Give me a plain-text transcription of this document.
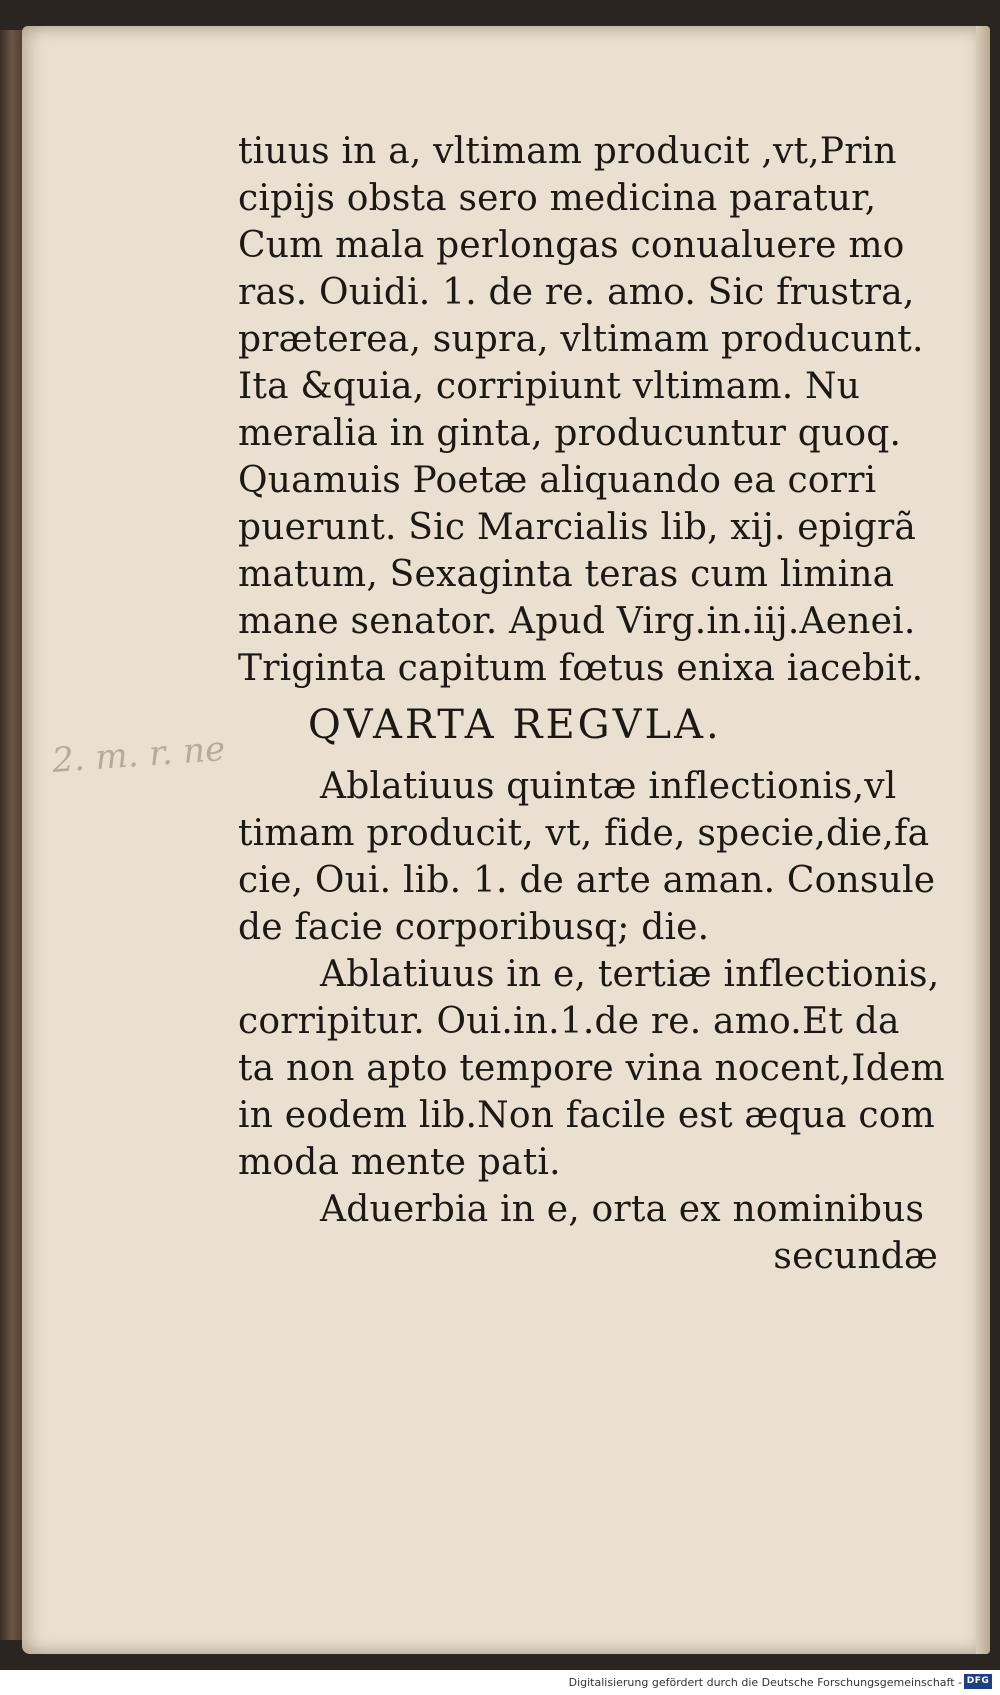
2. m. r. ne
tiuus in a, vltimam producit ,vt,Prin
cipijs obsta sero medicina paratur,
Cum mala perlongas conualuere mo
ras. Ouidi. 1. de re. amo. Sic frustra,
præterea, supra, vltimam producunt.
Ita &quia, corripiunt vltimam. Nu
meralia in ginta, producuntur quoq.
Quamuis Poetæ aliquando ea corri
puerunt. Sic Marcialis lib, xij. epigrã
matum, Sexaginta teras cum limina
mane senator. Apud Virg.in.iij.Aenei.
Triginta capitum fœtus enixa iacebit.
QVARTA REGVLA.
Ablatiuus quintæ inflectionis,vl
timam producit, vt, fide, specie,die,fa
cie, Oui. lib. 1. de arte aman. Consule
de facie corporibusq; die.
Ablatiuus in e, tertiæ inflectionis,
corripitur. Oui.in.1.de re. amo.Et da
ta non apto tempore vina nocent,Idem
in eodem lib.Non facile est æqua com
moda mente pati.
Aduerbia in e, orta ex nominibus
secundæ
Digitalisierung gefördert durch die Deutsche Forschungsgemeinschaft - DFG
